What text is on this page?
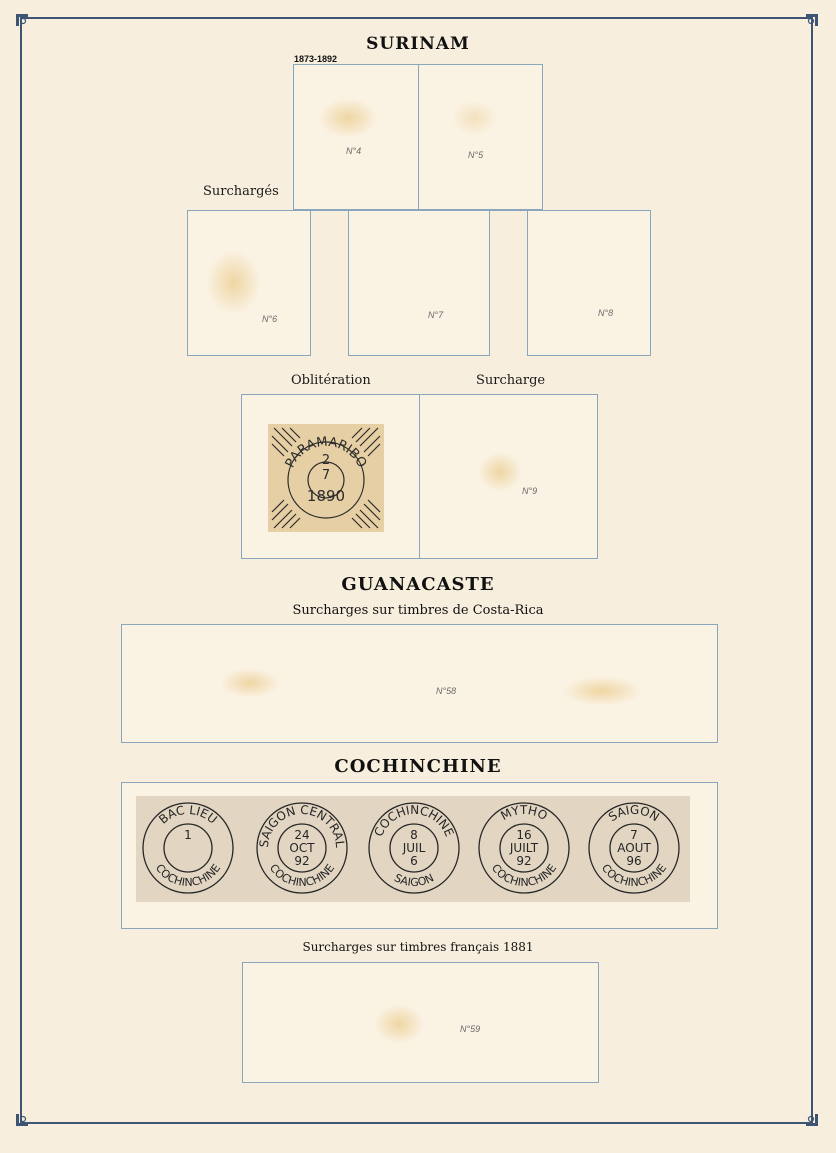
SURINAM
1873-1892
N°4	N°5
Surchargés
N°6	N°7	N°8
Oblitération	Surcharge
PARAMARIBO
2
7
1890	N°9
GUANACASTE
Surcharges sur timbres de Costa-Rica
N°58
COCHINCHINE
BAC LIEU
COCHINCHINE
1
SAIGON CENTRAL
COCHINCHINE
24
OCT
92
COCHINCHINE
SAIGON
8
JUIL
6
MYTHO
COCHINCHINE
16
JUILT
92
SAIGON
COCHINCHINE
7
AOUT
96
Surcharges sur timbres français 1881
N°59
